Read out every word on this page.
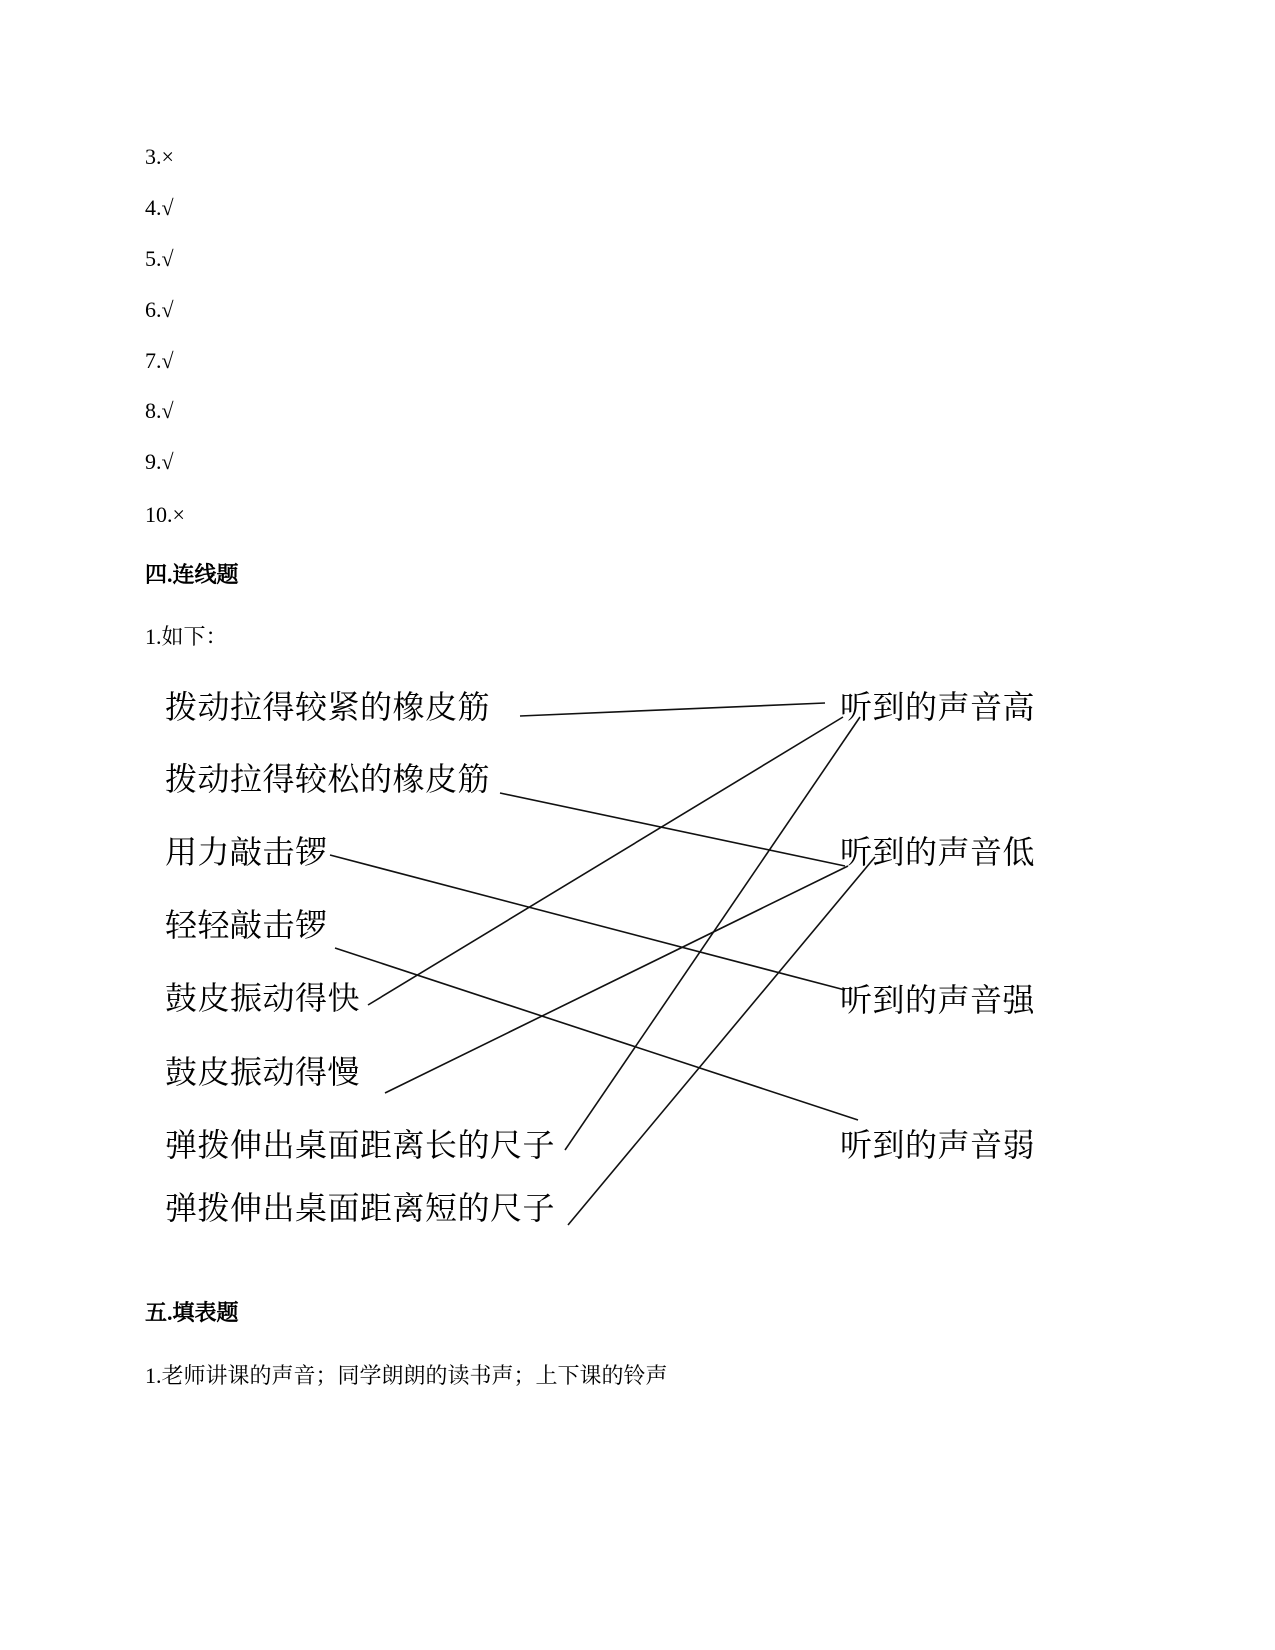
3.×
4.√
5.√
6.√
7.√
8.√
9.√
10.×
四.连线题
1.如下：
拨动拉得较紧的橡皮筋
拨动拉得较松的橡皮筋
用力敲击锣
轻轻敲击锣
鼓皮振动得快
鼓皮振动得慢
弹拨伸出桌面距离长的尺子
弹拨伸出桌面距离短的尺子
听到的声音高
听到的声音低
听到的声音强
听到的声音弱
五.填表题
1.老师讲课的声音；同学朗朗的读书声；上下课的铃声
